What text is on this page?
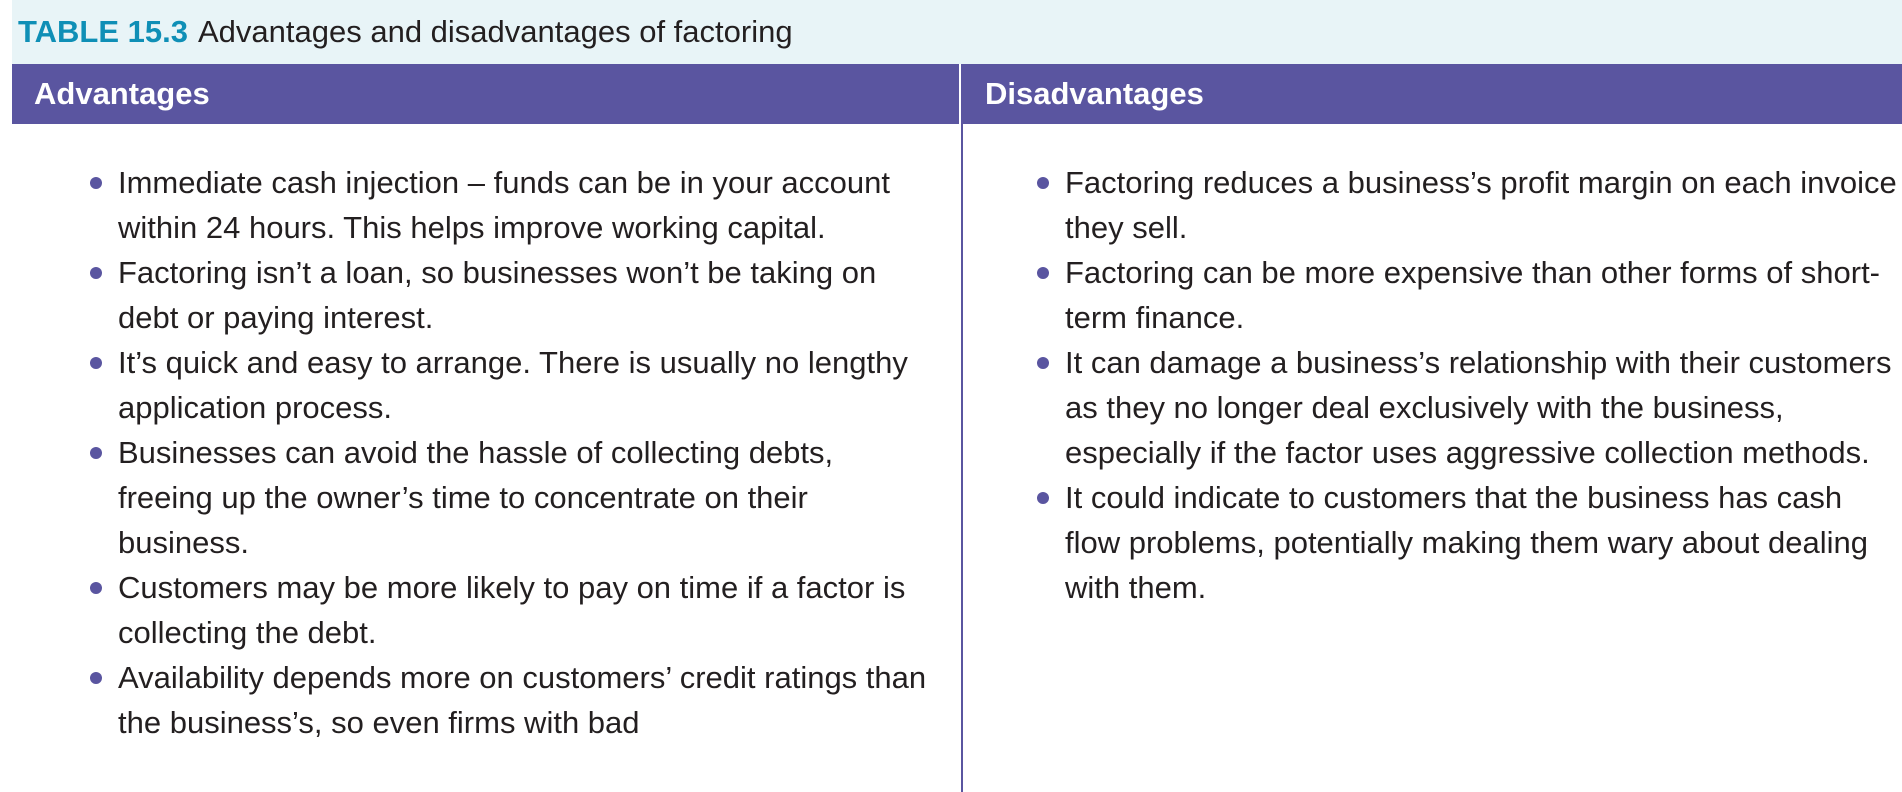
TABLE 15.3 Advantages and disadvantages of factoring
Advantages	Disadvantages
Immediate cash injection – funds can be in your account within 24 hours. This helps improve working capital.
Factoring isn’t a loan, so businesses won’t be taking on debt or paying interest.
It’s quick and easy to arrange. There is usually no lengthy application process.
Businesses can avoid the hassle of collecting debts, freeing up the owner’s time to concentrate on their business.
Customers may be more likely to pay on time if a factor is collecting the debt.
Availability depends more on customers’ credit ratings than the business’s, so even firms with bad
Factoring reduces a business’s profit margin on each invoice they sell.
Factoring can be more expensive than other forms of short-term finance.
It can damage a business’s relationship with their customers as they no longer deal exclusively with the business, especially if the factor uses aggressive collection methods.
It could indicate to customers that the business has cash flow problems, potentially making them wary about dealing with them.
